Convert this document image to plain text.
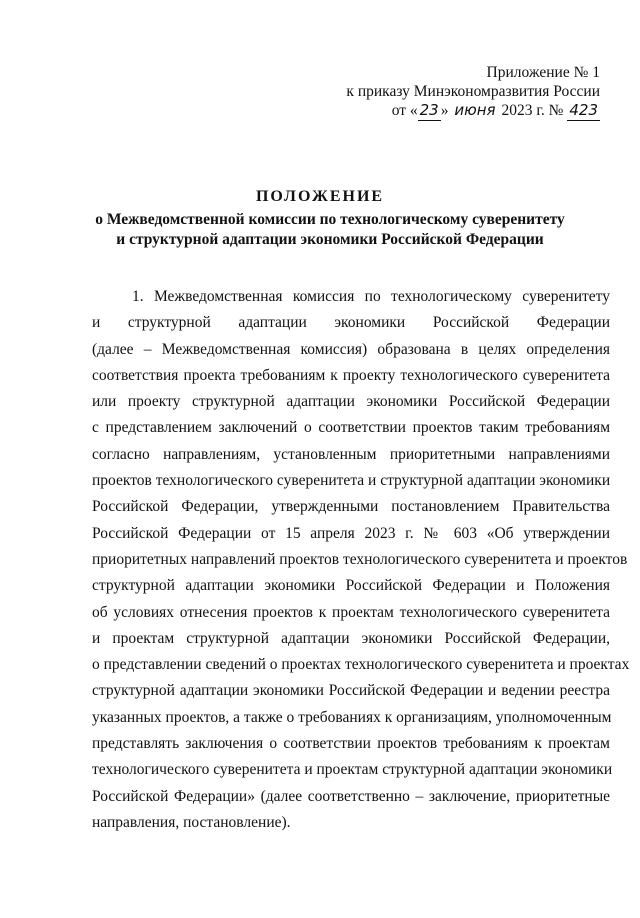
Приложение № 1
к приказу Минэкономразвития России
от « 23 » июня 2023 г. № 423
ПОЛОЖЕНИЕ
о Межведомственной комиссии по технологическому суверенитету
и структурной адаптации экономики Российской Федерации
1. Межведомственная комиссия по технологическому суверенитету
и структурной адаптации экономики Российской Федерации
(далее – Межведомственная комиссия) образована в целях определения
соответствия проекта требованиям к проекту технологического суверенитета
или проекту структурной адаптации экономики Российской Федерации
с представлением заключений о соответствии проектов таким требованиям
согласно направлениям, установленным приоритетными направлениями
проектов технологического суверенитета и структурной адаптации экономики
Российской Федерации, утвержденными постановлением Правительства
Российской Федерации от 15 апреля 2023 г. № 603 «Об утверждении
приоритетных направлений проектов технологического суверенитета и проектов
структурной адаптации экономики Российской Федерации и Положения
об условиях отнесения проектов к проектам технологического суверенитета
и проектам структурной адаптации экономики Российской Федерации,
о представлении сведений о проектах технологического суверенитета и проектах
структурной адаптации экономики Российской Федерации и ведении реестра
указанных проектов, а также о требованиях к организациям, уполномоченным
представлять заключения о соответствии проектов требованиям к проектам
технологического суверенитета и проектам структурной адаптации экономики
Российской Федерации» (далее соответственно – заключение, приоритетные
направления, постановление).
